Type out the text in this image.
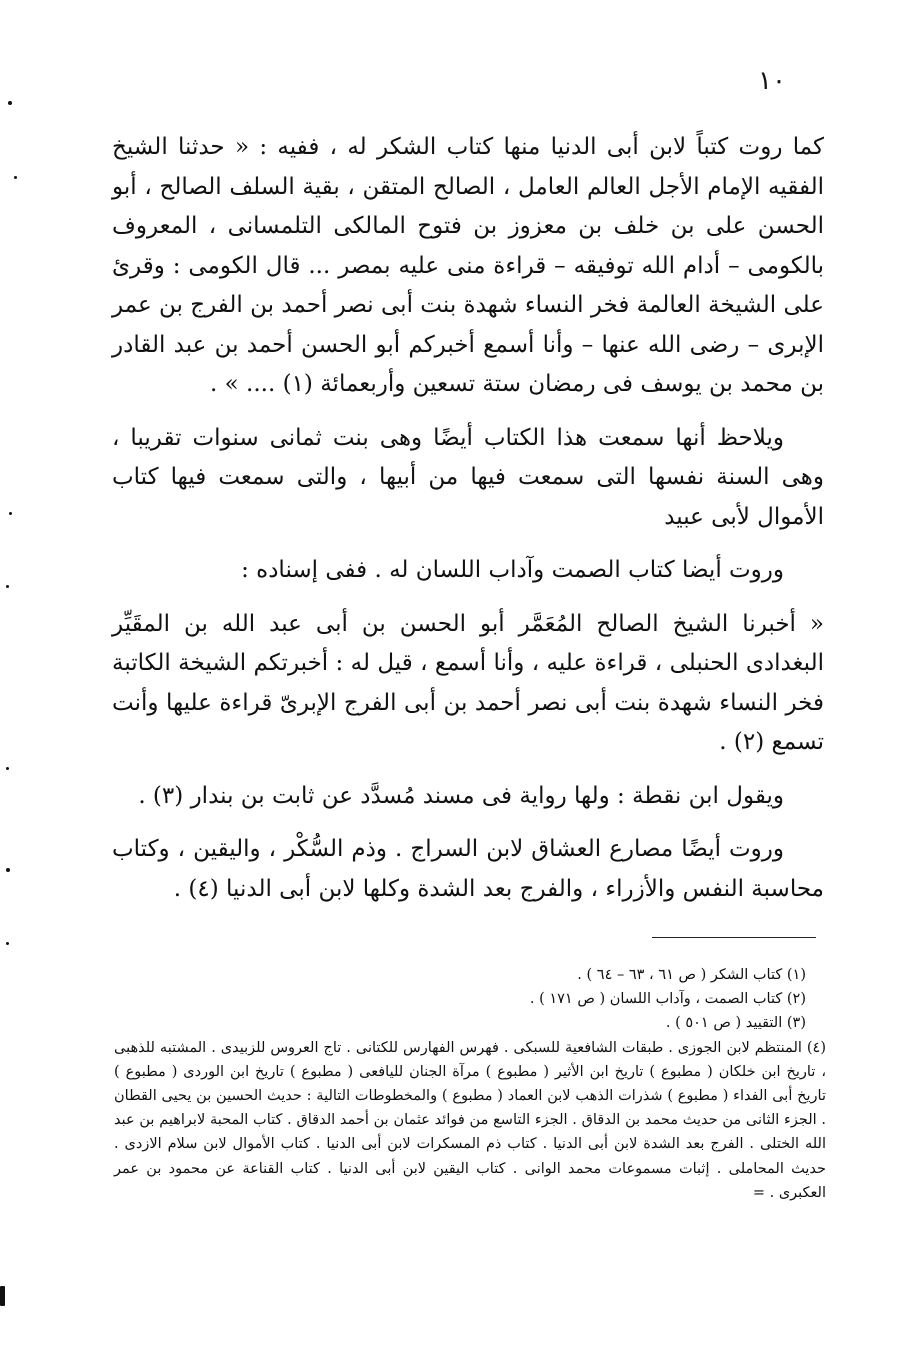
١٠

كما روت كتباً لابن أبى الدنيا منها كتاب الشكر له ، ففيه : « حدثنا الشيخ الفقيه الإمام الأجل العالم العامل ، الصالح المتقن ، بقية السلف الصالح ، أبو الحسن على بن خلف بن معزوز بن فتوح المالكى التلمسانى ، المعروف بالكومى – أدام الله توفيقه – قراءة منى عليه بمصر ... قال الكومى : وقرئ على الشيخة العالمة فخر النساء شهدة بنت أبى نصر أحمد بن الفرج بن عمر الإبرى – رضى الله عنها – وأنا أسمع أخبركم أبو الحسن أحمد بن عبد القادر بن محمد بن يوسف فى رمضان ستة تسعين وأربعمائة (١) .... » .

ويلاحظ أنها سمعت هذا الكتاب أيضًا وهى بنت ثمانى سنوات تقريبا ، وهى السنة نفسها التى سمعت فيها من أبيها ، والتى سمعت فيها كتاب الأموال لأبى عبيد

وروت أيضا كتاب الصمت وآداب اللسان له . ففى إسناده :

« أخبرنا الشيخ الصالح المُعَمَّر أبو الحسن بن أبى عبد الله بن المقَيِّر البغدادى الحنبلى ، قراءة عليه ، وأنا أسمع ، قيل له : أخبرتكم الشيخة الكاتبة فخر النساء شهدة بنت أبى نصر أحمد بن أبى الفرج الإبرىّ قراءة عليها وأنت تسمع (٢) .

ويقول ابن نقطة : ولها رواية فى مسند مُسدَّد عن ثابت بن بندار (٣) .

وروت أيضًا مصارع العشاق لابن السراج . وذم السُّكْر ، واليقين ، وكتاب محاسبة النفس والأزراء ، والفرج بعد الشدة وكلها لابن أبى الدنيا (٤) .

(١) كتاب الشكر ( ص ٦١ ، ٦٣ – ٦٤ ) .

(٢) كتاب الصمت ، وآداب اللسان ( ص ١٧١ ) .

(٣) التقييد ( ص ٥٠١ ) .

(٤) المنتظم لابن الجوزى . طبقات الشافعية للسبكى . فهرس الفهارس للكتانى . تاج العروس للزبيدى . المشتبه للذهبى ، تاريخ ابن خلكان ( مطبوع ) تاريخ ابن الأثير ( مطبوع ) مرآة الجنان لليافعى ( مطبوع ) تاريخ ابن الوردى ( مطبوع ) تاريخ أبى الفداء ( مطبوع ) شذرات الذهب لابن العماد ( مطبوع ) والمخطوطات التالية : حديث الحسين بن يحيى القطان . الجزء الثانى من حديث محمد بن الدقاق . الجزء التاسع من فوائد عثمان بن أحمد الدقاق . كتاب المحبة لابراهيم بن عبد الله الختلى . الفرج بعد الشدة لابن أبى الدنيا . كتاب ذم المسكرات لابن أبى الدنيا . كتاب الأموال لابن سلام الازدى . حديث المحاملى . إثبات مسموعات محمد الوانى . كتاب اليقين لابن أبى الدنيا . كتاب القناعة عن محمود بن عمر العكبرى . =
